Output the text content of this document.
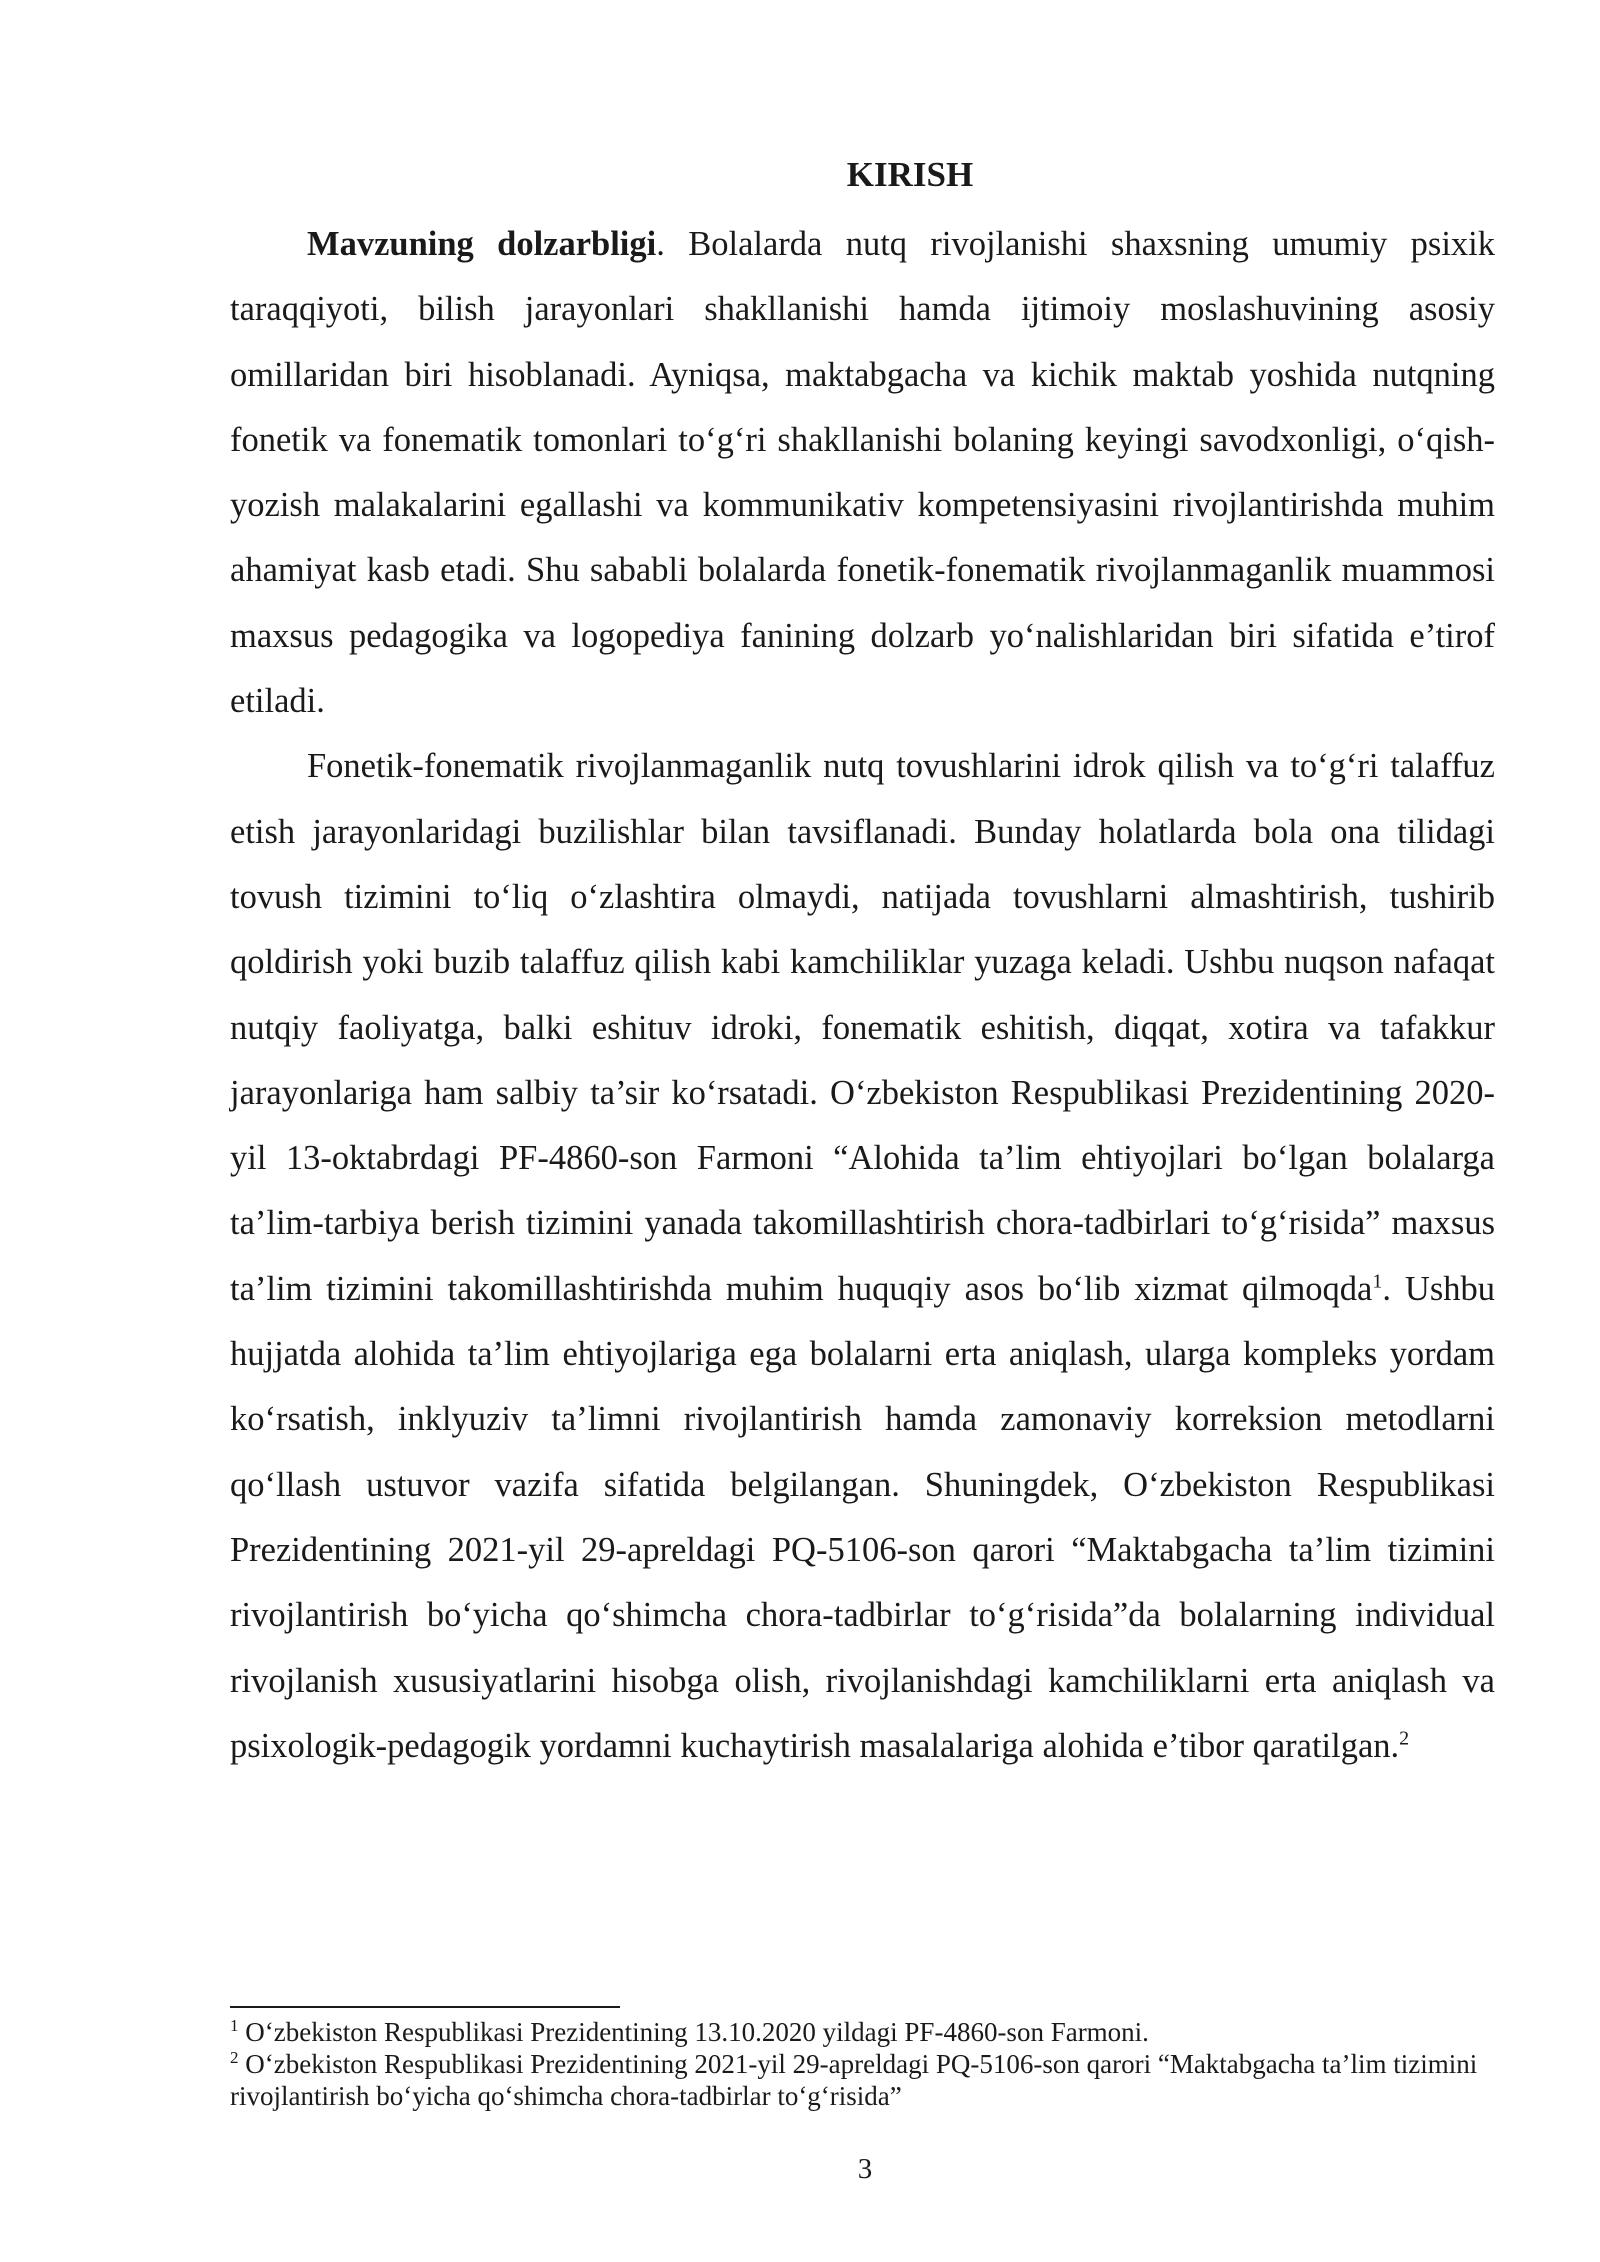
KIRISH

Mavzuning dolzarbligi. Bolalarda nutq rivojlanishi shaxsning umumiy psixik taraqqiyoti, bilish jarayonlari shakllanishi hamda ijtimoiy moslashuvining asosiy omillaridan biri hisoblanadi. Ayniqsa, maktabgacha va kichik maktab yoshida nutqning fonetik va fonematik tomonlari to‘g‘ri shakllanishi bolaning keyingi savodxonligi, o‘qish-yozish malakalarini egallashi va kommunikativ kompetensiyasini rivojlantirishda muhim ahamiyat kasb etadi. Shu sababli bolalarda fonetik-fonematik rivojlanmaganlik muammosi maxsus pedagogika va logopediya fanining dolzarb yo‘nalishlaridan biri sifatida e’tirof etiladi.

Fonetik-fonematik rivojlanmaganlik nutq tovushlarini idrok qilish va to‘g‘ri talaffuz etish jarayonlaridagi buzilishlar bilan tavsiflanadi. Bunday holatlarda bola ona tilidagi tovush tizimini to‘liq o‘zlashtira olmaydi, natijada tovushlarni almashtirish, tushirib qoldirish yoki buzib talaffuz qilish kabi kamchiliklar yuzaga keladi. Ushbu nuqson nafaqat nutqiy faoliyatga, balki eshituv idroki, fonematik eshitish, diqqat, xotira va tafakkur jarayonlariga ham salbiy ta’sir ko‘rsatadi. O‘zbekiston Respublikasi Prezidentining 2020-yil 13-oktabrdagi PF-4860-son Farmoni “Alohida ta’lim ehtiyojlari bo‘lgan bolalarga ta’lim-tarbiya berish tizimini yanada takomillashtirish chora-tadbirlari to‘g‘risida” maxsus ta’lim tizimini takomillashtirishda muhim huquqiy asos bo‘lib xizmat qilmoqda$^1$. Ushbu hujjatda alohida ta’lim ehtiyojlariga ega bolalarni erta aniqlash, ularga kompleks yordam ko‘rsatish, inklyuziv ta’limni rivojlantirish hamda zamonaviy korreksion metodlarni qo‘llash ustuvor vazifa sifatida belgilangan. Shuningdek, O‘zbekiston Respublikasi Prezidentining 2021-yil 29-apreldagi PQ-5106-son qarori “Maktabgacha ta’lim tizimini rivojlantirish bo‘yicha qo‘shimcha chora-tadbirlar to‘g‘risida”da bolalarning individual rivojlanish xususiyatlarini hisobga olish, rivojlanishdagi kamchiliklarni erta aniqlash va psixologik-pedagogik yordamni kuchaytirish masalalariga alohida e’tibor qaratilgan.$^2$

$^1$ O‘zbekiston Respublikasi Prezidentining 13.10.2020 yildagi PF-4860-son Farmoni.

$^2$ O‘zbekiston Respublikasi Prezidentining 2021-yil 29-apreldagi PQ-5106-son qarori “Maktabgacha ta’lim tizimini rivojlantirish bo‘yicha qo‘shimcha chora-tadbirlar to‘g‘risida”

3
